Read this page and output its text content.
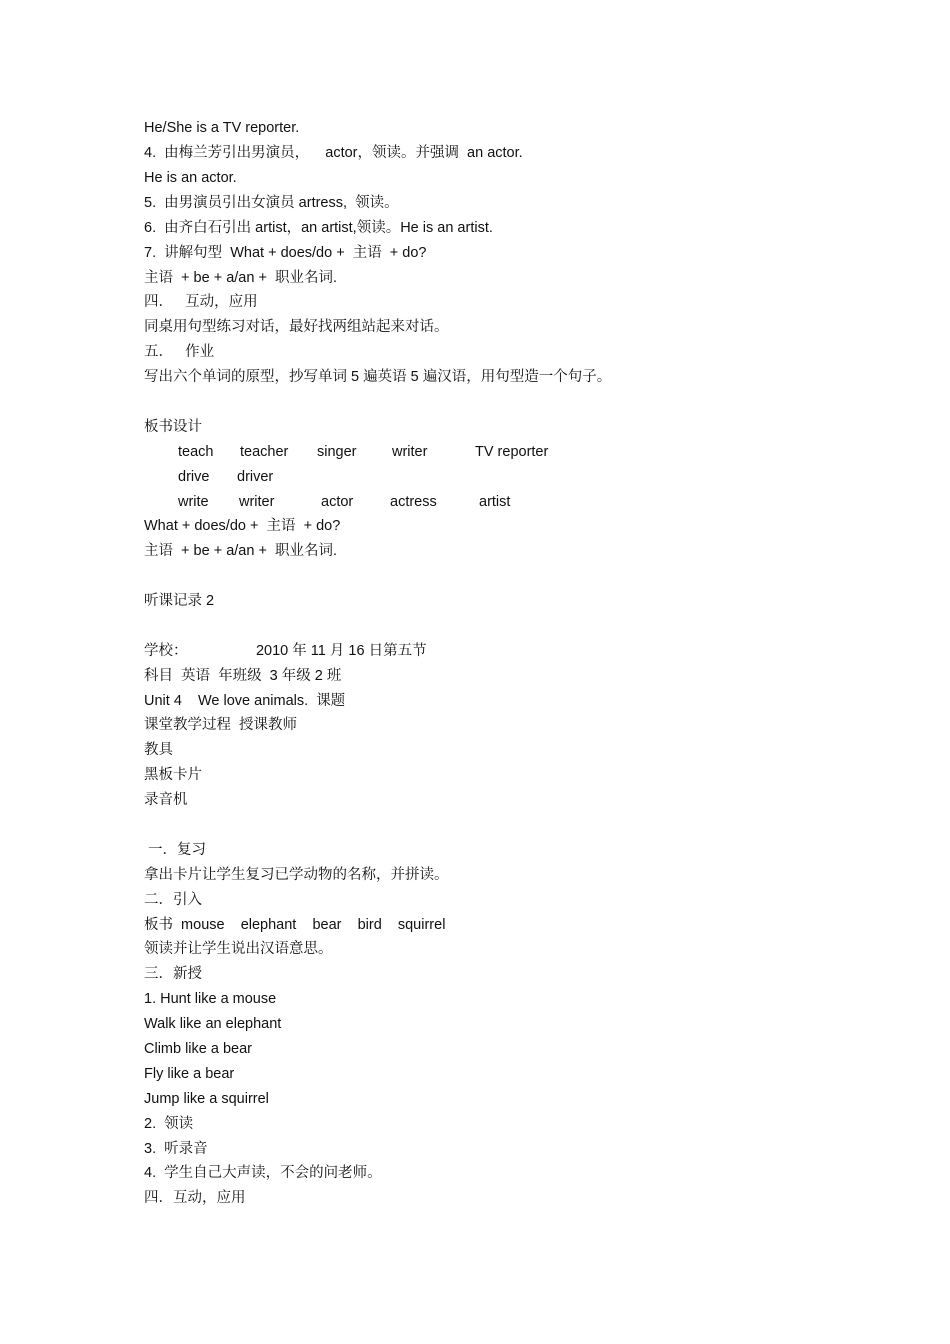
He/She is a TV reporter.
4.  由梅兰芳引出男演员，    actor，领读。并强调  an actor.
He is an actor.
5.  由男演员引出女演员 artress,  领读。
6.  由齐白石引出 artist，an artist,领读。He is an artist.
7.  讲解句型  What + does/do +  主语  + do?
主语  + be + a/an +  职业名词.
四．   互动，应用
同桌用句型练习对话，最好找两组站起来对话。
五．   作业
写出六个单词的原型，抄写单词 5 遍英语 5 遍汉语，用句型造一个句子。
板书设计
teach teacher singer writer	TV reporter
drive driver
write writer	actor	actress	artist
What + does/do +  主语  + do?
主语  + be + a/an +  职业名词.
听课记录 2
学校：                 2010 年 11 月 16 日第五节
科目  英语  年班级  3 年级 2 班
Unit 4    We love animals.  课题
课堂教学过程  授课教师
教具
黑板卡片
录音机
一．复习
拿出卡片让学生复习已学动物的名称，并拼读。
二．引入
板书  mouse    elephant    bear    bird    squirrel
领读并让学生说出汉语意思。
三．新授
1. Hunt like a mouse
Walk like an elephant
Climb like a bear
Fly like a bear
Jump like a squirrel
2.  领读
3.  听录音
4.  学生自己大声读，不会的问老师。
四．互动，应用
